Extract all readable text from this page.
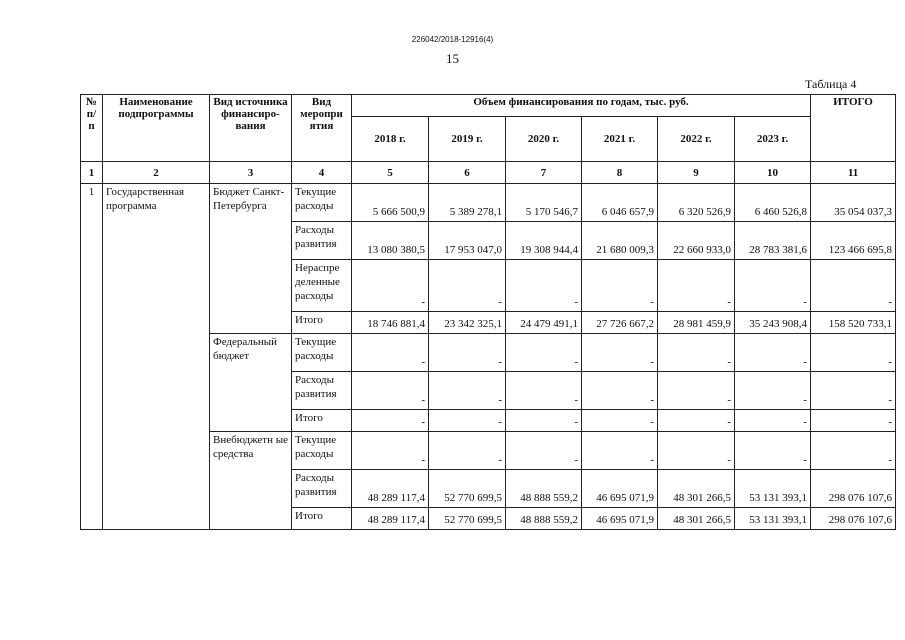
226042/2018-12916(4)
15
Таблица 4
№ п/п	Наименование подпрограммы	Вид источника финансиро-вания	Вид меропри ятия	Объем финансирования по годам, тыс. руб.						ИТОГО
				2018 г.	2019 г.	2020 г.	2021 г.	2022 г.	2023 г.	
1	2	3	4	5	6	7	8	9	10	11
1	Государственная программа	Бюджет Санкт-Петербурга	Текущие расходы	5 666 500,9	5 389 278,1	5 170 546,7	6 046 657,9	6 320 526,9	6 460 526,8	35 054 037,3
			Расходы развития	13 080 380,5	17 953 047,0	19 308 944,4	21 680 009,3	22 660 933,0	28 783 381,6	123 466 695,8
			Нераспре деленные расходы	-	-	-	-	-	-	-
			Итого	18 746 881,4	23 342 325,1	24 479 491,1	27 726 667,2	28 981 459,9	35 243 908,4	158 520 733,1
		Федеральный бюджет	Текущие расходы	-	-	-	-	-	-	-
			Расходы развития	-	-	-	-	-	-	-
			Итого	-	-	-	-	-	-	-
		Внебюджетн ые средства	Текущие расходы	-	-	-	-	-	-	-
			Расходы развития	48 289 117,4	52 770 699,5	48 888 559,2	46 695 071,9	48 301 266,5	53 131 393,1	298 076 107,6
			Итого	48 289 117,4	52 770 699,5	48 888 559,2	46 695 071,9	48 301 266,5	53 131 393,1	298 076 107,6
